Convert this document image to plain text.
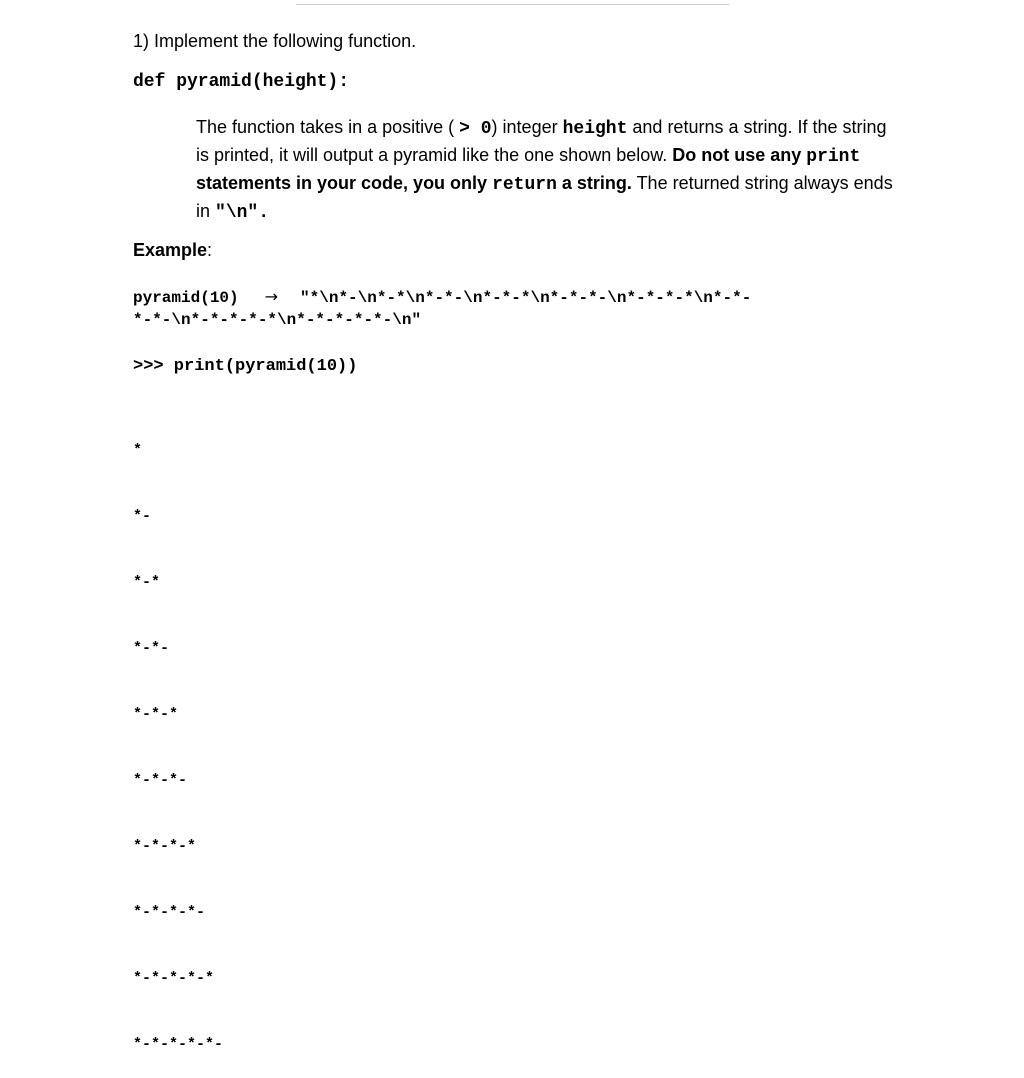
1) Implement the following function.
def pyramid(height):
The function takes in a positive ( > 0) integer height and returns a string. If the string is printed, it will output a pyramid like the one shown below. Do not use any print statements in your code, you only return a string. The returned string always ends in "\n".
Example:
pyramid(10) → "*\n*-\n*-*\n*-*-\n*-*-*\n*-*-*-\n*-*-*-*\n*-*-
*-*-\n*-*-*-*-*\n*-*-*-*-*-\n"
>>> print(pyramid(10))

*

*-

*-*

*-*-

*-*-*

*-*-*-

*-*-*-*

*-*-*-*-

*-*-*-*-*

*-*-*-*-*-
